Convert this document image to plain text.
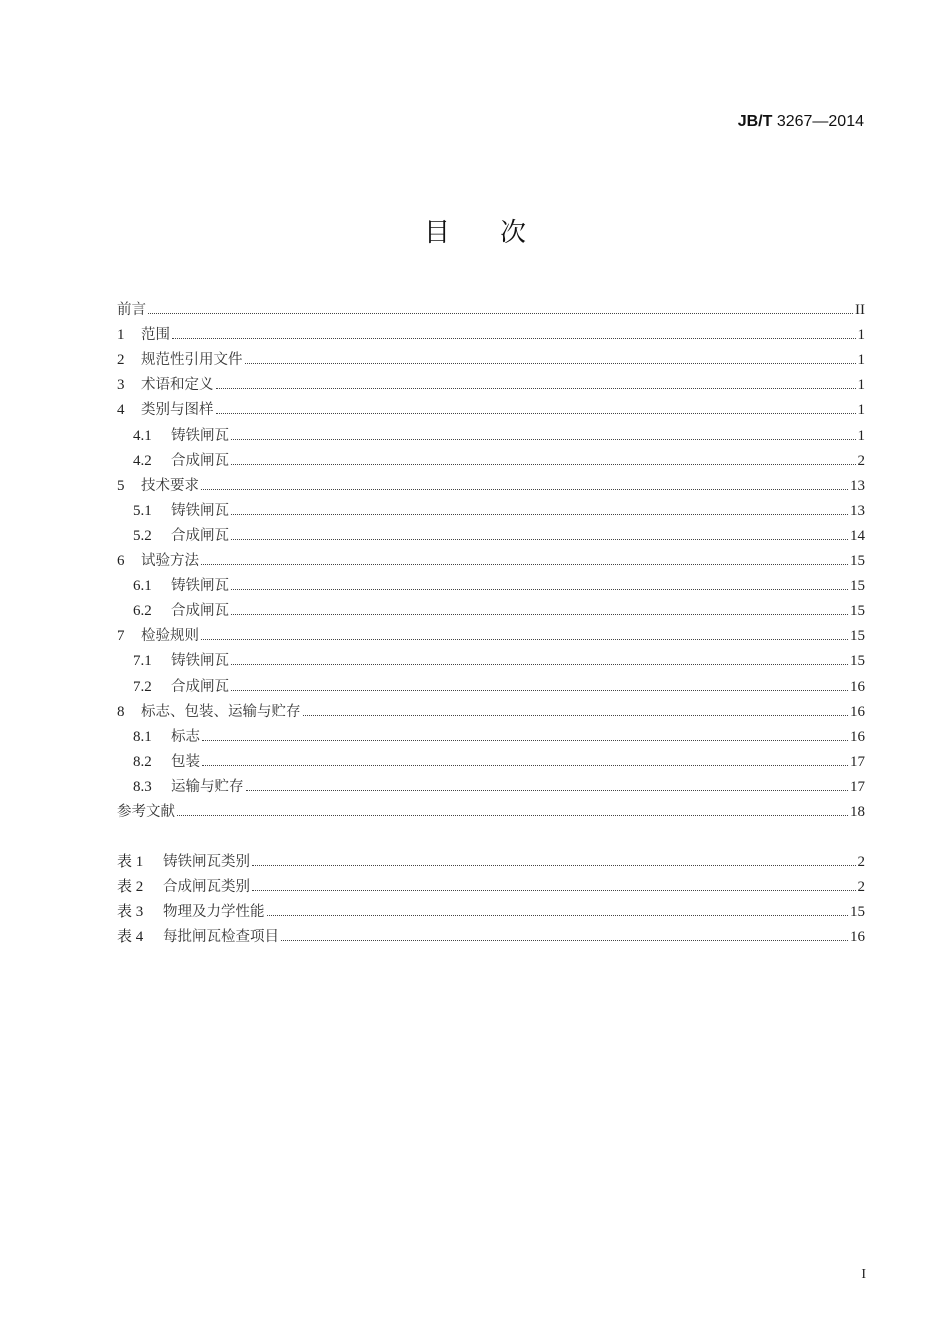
JB/T 3267—2014
目次
前言	II
1	范围	1
2	规范性引用文件	1
3	术语和定义	1
4	类别与图样	1
4.1	铸铁闸瓦	1
4.2	合成闸瓦	2
5	技术要求	13
5.1	铸铁闸瓦	13
5.2	合成闸瓦	14
6	试验方法	15
6.1	铸铁闸瓦	15
6.2	合成闸瓦	15
7	检验规则	15
7.1	铸铁闸瓦	15
7.2	合成闸瓦	16
8	标志、包装、运输与贮存	16
8.1	标志	16
8.2	包装	17
8.3	运输与贮存	17
参考文献	18
表 1	铸铁闸瓦类别	2
表 2	合成闸瓦类别	2
表 3	物理及力学性能	15
表 4	每批闸瓦检查项目	16
I
